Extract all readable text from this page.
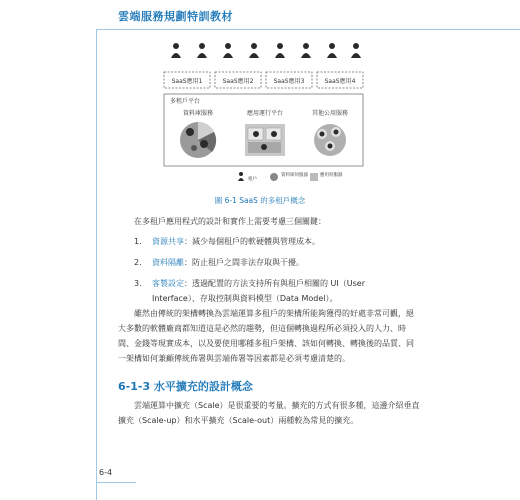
雲端服務規劃特訓教材
SaaS應用1	SaaS應用2	SaaS應用3	SaaS應用4
多租戶平台
資料庫服務	應用運行平台	其他公用服務
租戶
資料庫伺服器	應用伺服器
圖 6-1 SaaS 的多租戶概念
在多租戶應用程式的設計和實作上需要考慮三個關鍵：
1. 資源共享：減少每個租戶的軟硬體與管理成本。
2. 資料隔離：防止租戶之間非法存取與干擾。
3. 客製設定：透過配置的方法支持所有與租戶相關的 UI（User Interface）、存取控制與資料模型（Data Model）。
雖然由傳統的架構轉換為雲端運算多租戶的架構所能夠獲得的好處非常可觀，絕大多數的軟體廠商都知道這是必然的趨勢，但這個轉換過程所必須投入的人力、時間、金錢等現實成本，以及要使用哪種多租戶架構、該如何轉換、轉換後的品質、同一架構如何兼顧傳統佈署與雲端佈署等因素都是必須考慮清楚的。
6-1-3 水平擴充的設計概念
雲端運算中擴充（Scale）是很重要的考量。擴充的方式有很多種，這邊介紹垂直擴充（Scale-up）和水平擴充（Scale-out）兩種較為常見的擴充。
6-4
